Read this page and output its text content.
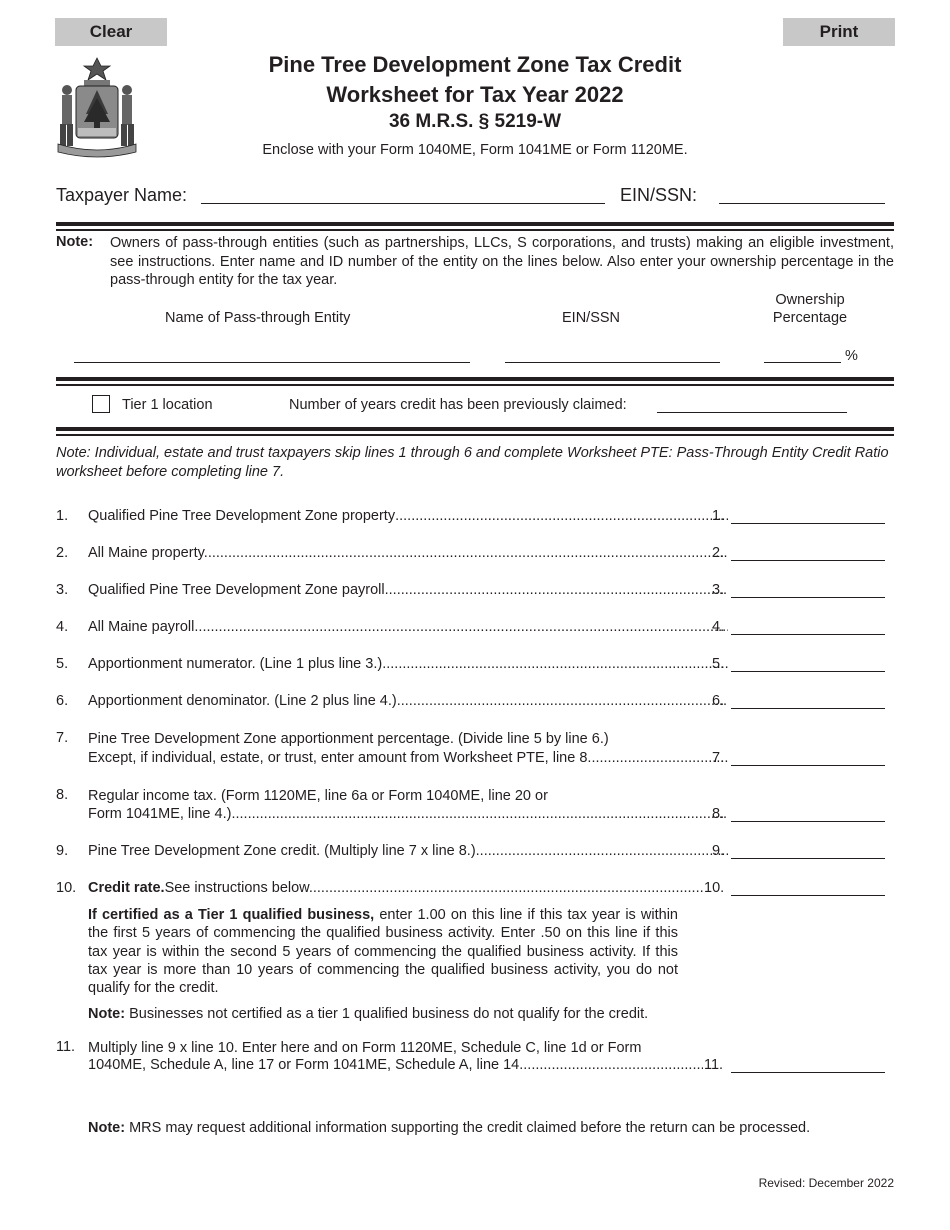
Clear	Print
Pine Tree Development Zone Tax Credit
Worksheet for Tax Year 2022
36 M.R.S. § 5219-W
Enclose with your Form 1040ME, Form 1041ME or Form 1120ME.
Taxpayer Name:	EIN/SSN:
Note: Owners of pass-through entities (such as partnerships, LLCs, S corporations, and trusts) making an eligible investment, see instructions. Enter name and ID number of the entity on the lines below. Also enter your ownership percentage in the pass-through entity for the tax year.
Name of Pass-through Entity	EIN/SSN
Ownership
Percentage
%
Tier 1 location	Number of years credit has been previously claimed:
Note: Individual, estate and trust taxpayers skip lines 1 through 6 and complete Worksheet PTE: Pass-Through Entity Credit Ratio worksheet before completing line 7.
1. Qualified Pine Tree Development Zone property .....	1.
2. All Maine property. .....	2.
3. Qualified Pine Tree Development Zone payroll. .....	3.
4. All Maine payroll .....	4.
5. Apportionment numerator. (Line 1 plus line 3.) .....	5.
6. Apportionment denominator. (Line 2 plus line 4.) .....	6.
7. Pine Tree Development Zone apportionment percentage. (Divide line 5 by line 6.)
Except, if individual, estate, or trust, enter amount from Worksheet PTE, line 8. .....	7.
8. Regular income tax. (Form 1120ME, line 6a or Form 1040ME, line 20 or
Form 1041ME, line 4.) .....	8.
9. Pine Tree Development Zone credit. (Multiply line 7 x line 8.) .....	9.
10. Credit rate. See instructions below. .....	10.
If certified as a Tier 1 qualified business, enter 1.00 on this line if this tax year is within the first 5 years of commencing the qualified business activity. Enter .50 on this line if this tax year is within the second 5 years of commencing the qualified business activity. If this tax year is more than 10 years of commencing the qualified business activity, you do not qualify for the credit.
Note: Businesses not certified as a tier 1 qualified business do not qualify for the credit.
11. Multiply line 9 x line 10. Enter here and on Form 1120ME, Schedule C, line 1d or Form
1040ME, Schedule A, line 17 or Form 1041ME, Schedule A, line 14 .....	11.
Note: MRS may request additional information supporting the credit claimed before the return can be processed.
Revised: December 2022
